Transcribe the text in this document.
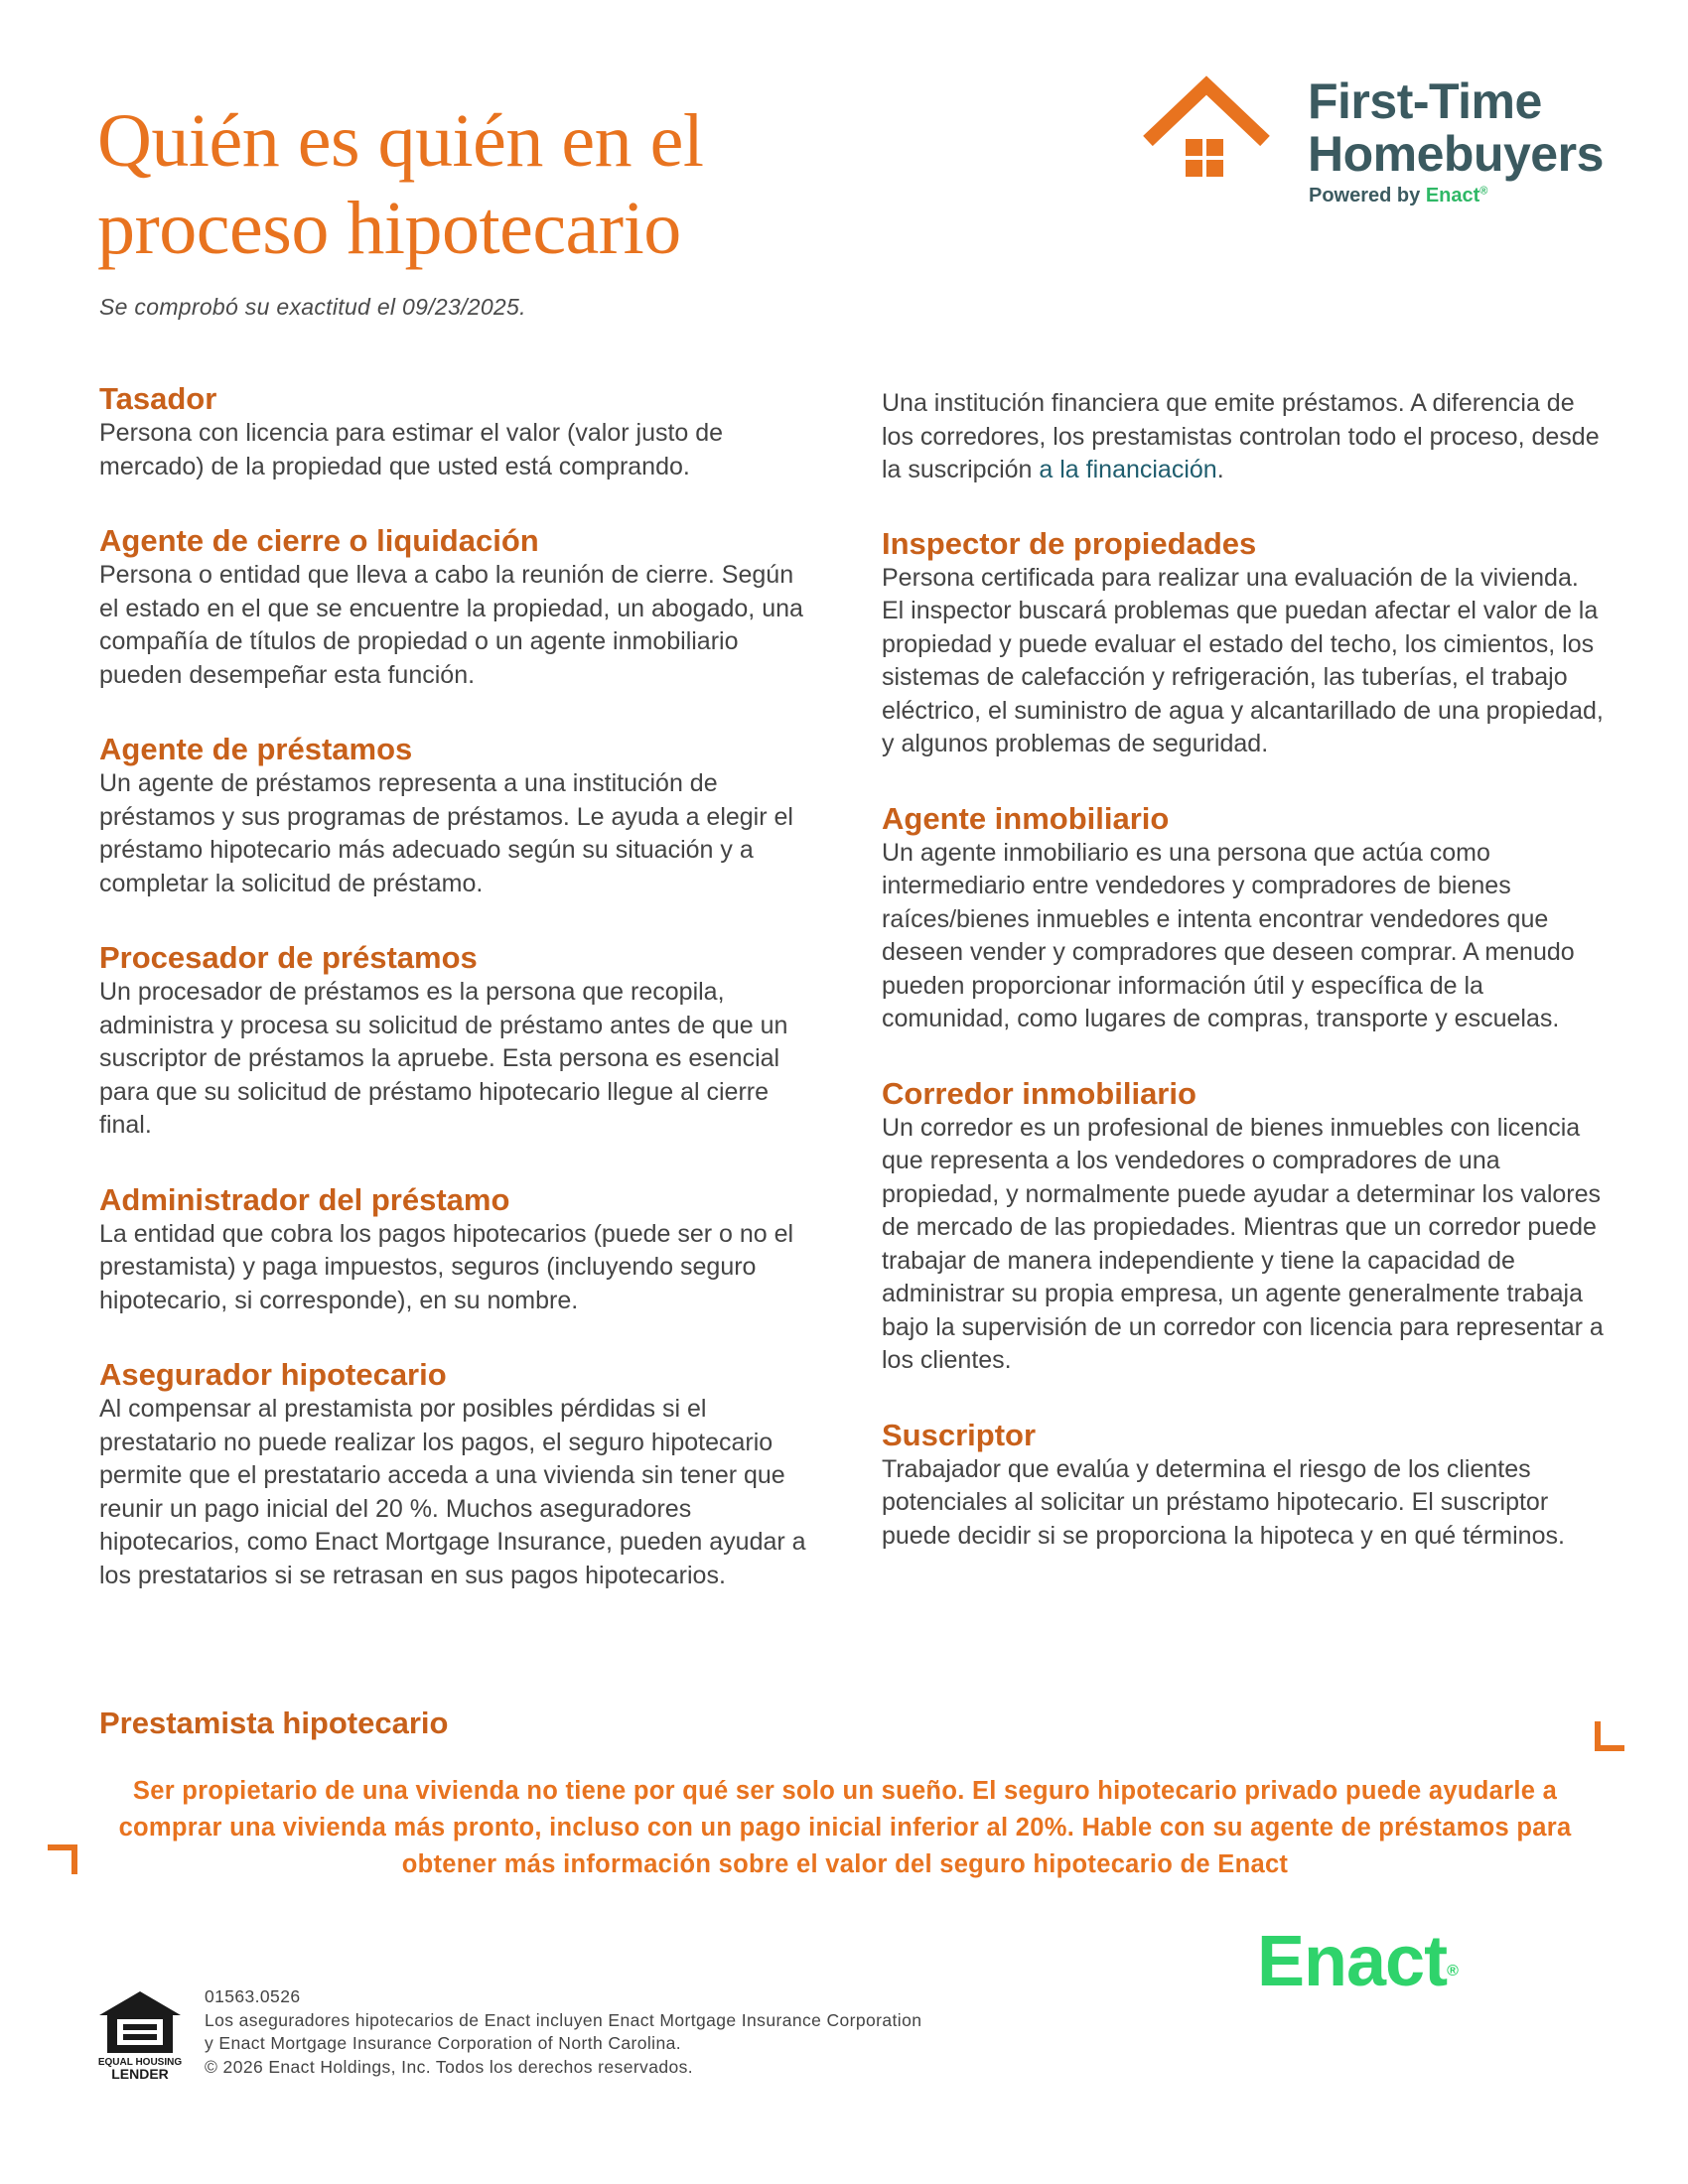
Quién es quién en el
proceso hipotecario
Se comprobó su exactitud el 09/23/2025.
First-Time
Homebuyers
Powered by Enact®
Tasador

Persona con licencia para estimar el valor (valor justo de mercado) de la propiedad que usted está comprando.

Agente de cierre o liquidación

Persona o entidad que lleva a cabo la reunión de cierre. Según el estado en el que se encuentre la propiedad, un abogado, una compañía de títulos de propiedad o un agente inmobiliario pueden desempeñar esta función.

Agente de préstamos

Un agente de préstamos representa a una institución de préstamos y sus programas de préstamos. Le ayuda a elegir el préstamo hipotecario más adecuado según su situación y a completar la solicitud de préstamo.

Procesador de préstamos

Un procesador de préstamos es la persona que recopila, administra y procesa su solicitud de préstamo antes de que un suscriptor de préstamos la apruebe. Esta persona es esencial para que su solicitud de préstamo hipotecario llegue al cierre final.

Administrador del préstamo

La entidad que cobra los pagos hipotecarios (puede ser o no el prestamista) y paga impuestos, seguros (incluyendo seguro hipotecario, si corresponde), en su nombre.

Asegurador hipotecario

Al compensar al prestamista por posibles pérdidas si el prestatario no puede realizar los pagos, el seguro hipotecario permite que el prestatario acceda a una vivienda sin tener que reunir un pago inicial del 20 %. Muchos aseguradores hipotecarios, como Enact Mortgage Insurance, pueden ayudar a los prestatarios si se retrasan en sus pagos hipotecarios.

Una institución financiera que emite préstamos. A diferencia de los corredores, los prestamistas controlan todo el proceso, desde la suscripción a la financiación.

Inspector de propiedades

Persona certificada para realizar una evaluación de la vivienda. El inspector buscará problemas que puedan afectar el valor de la propiedad y puede evaluar el estado del techo, los cimientos, los sistemas de calefacción y refrigeración, las tuberías, el trabajo eléctrico, el suministro de agua y alcantarillado de una propiedad, y algunos problemas de seguridad.

Agente inmobiliario

Un agente inmobiliario es una persona que actúa como intermediario entre vendedores y compradores de bienes raíces/bienes inmuebles e intenta encontrar vendedores que deseen vender y compradores que deseen comprar. A menudo pueden proporcionar información útil y específica de la comunidad, como lugares de compras, transporte y escuelas.

Corredor inmobiliario

Un corredor es un profesional de bienes inmuebles con licencia que representa a los vendedores o compradores de una propiedad, y normalmente puede ayudar a determinar los valores de mercado de las propiedades. Mientras que un corredor puede trabajar de manera independiente y tiene la capacidad de administrar su propia empresa, un agente generalmente trabaja bajo la supervisión de un corredor con licencia para representar a los clientes.

Suscriptor

Trabajador que evalúa y determina el riesgo de los clientes potenciales al solicitar un préstamo hipotecario. El suscriptor puede decidir si se proporciona la hipoteca y en qué términos.

Prestamista hipotecario

Ser propietario de una vivienda no tiene por qué ser solo un sueño. El seguro hipotecario privado puede ayudarle a comprar una vivienda más pronto, incluso con un pago inicial inferior al 20%. Hable con su agente de préstamos para obtener más información sobre el valor del seguro hipotecario de Enact

Enact®
EQUAL HOUSING
LENDER
01563.0526
Los aseguradores hipotecarios de Enact incluyen Enact Mortgage Insurance Corporation
y Enact Mortgage Insurance Corporation of North Carolina.
© 2026 Enact Holdings, Inc. Todos los derechos reservados.
